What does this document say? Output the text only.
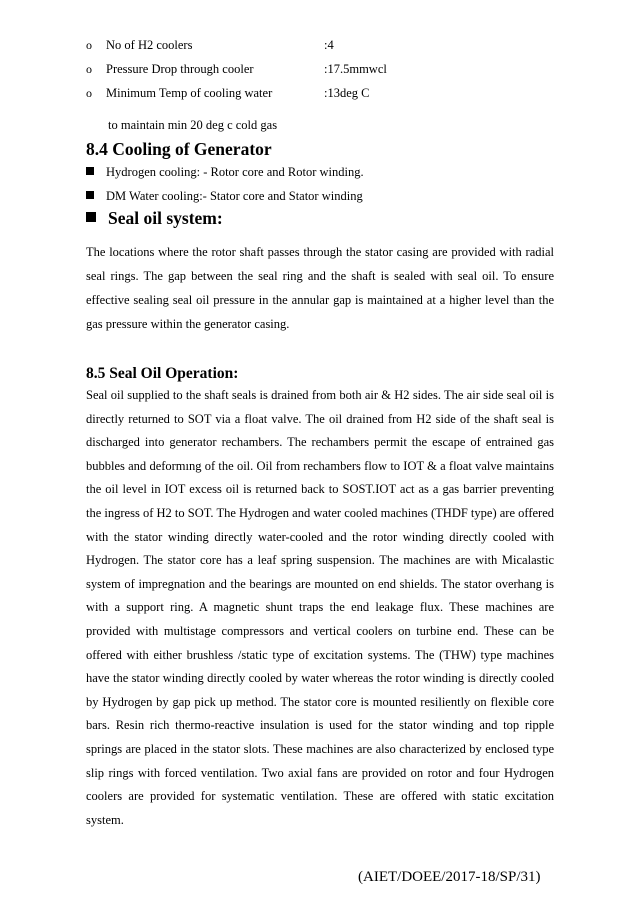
o No of H2 coolers	:4
o Pressure Drop through cooler	:17.5mmwcl
o Minimum Temp of cooling water	:13deg C
to maintain min 20 deg c cold gas
8.4 Cooling of Generator
Hydrogen cooling: - Rotor core and Rotor winding.
DM Water cooling:- Stator core and Stator winding
Seal oil system:
The locations where the rotor shaft passes through the stator casing are provided with radial seal rings. The gap between the seal ring and the shaft is sealed with seal oil. To ensure effective sealing seal oil pressure in the annular gap is maintained at a higher level than the gas pressure within the generator casing.
8.5 Seal Oil Operation:
Seal oil supplied to the shaft seals is drained from both air & H2 sides. The air side seal oil is directly returned to SOT via a float valve. The oil drained from H2 side of the shaft seal is discharged into generator rechambers. The rechambers permit the escape of entrained gas bubbles and deformıng of the oil. Oil from rechambers flow to IOT & a float valve maintains the oil level in IOT excess oil is returned back to SOST.IOT act as a gas barrier preventing the ingress of H2 to SOT. The Hydrogen and water cooled machines (THDF type) are offered with the stator winding directly water-cooled and the rotor winding directly cooled with Hydrogen. The stator core has a leaf spring suspension. The machines are with Micalastic system of impregnation and the bearings are mounted on end shields. The stator overhang is with a support ring. A magnetic shunt traps the end leakage flux. These machines are provided with multistage compressors and vertical coolers on turbine end. These can be offered with either brushless /static type of excitation systems. The (THW) type machines have the stator winding directly cooled by water whereas the rotor winding is directly cooled by Hydrogen by gap pick up method. The stator core is mounted resiliently on flexible core bars. Resin rich thermo-reactive insulation is used for the stator winding and top ripple springs are placed in the stator slots. These machines are also characterized by enclosed type slip rings with forced ventilation. Two axial fans are provided on rotor and four Hydrogen coolers are provided for systematic ventilation. These are offered with static excitation system.
(AIET/DOEE/2017-18/SP/31)
